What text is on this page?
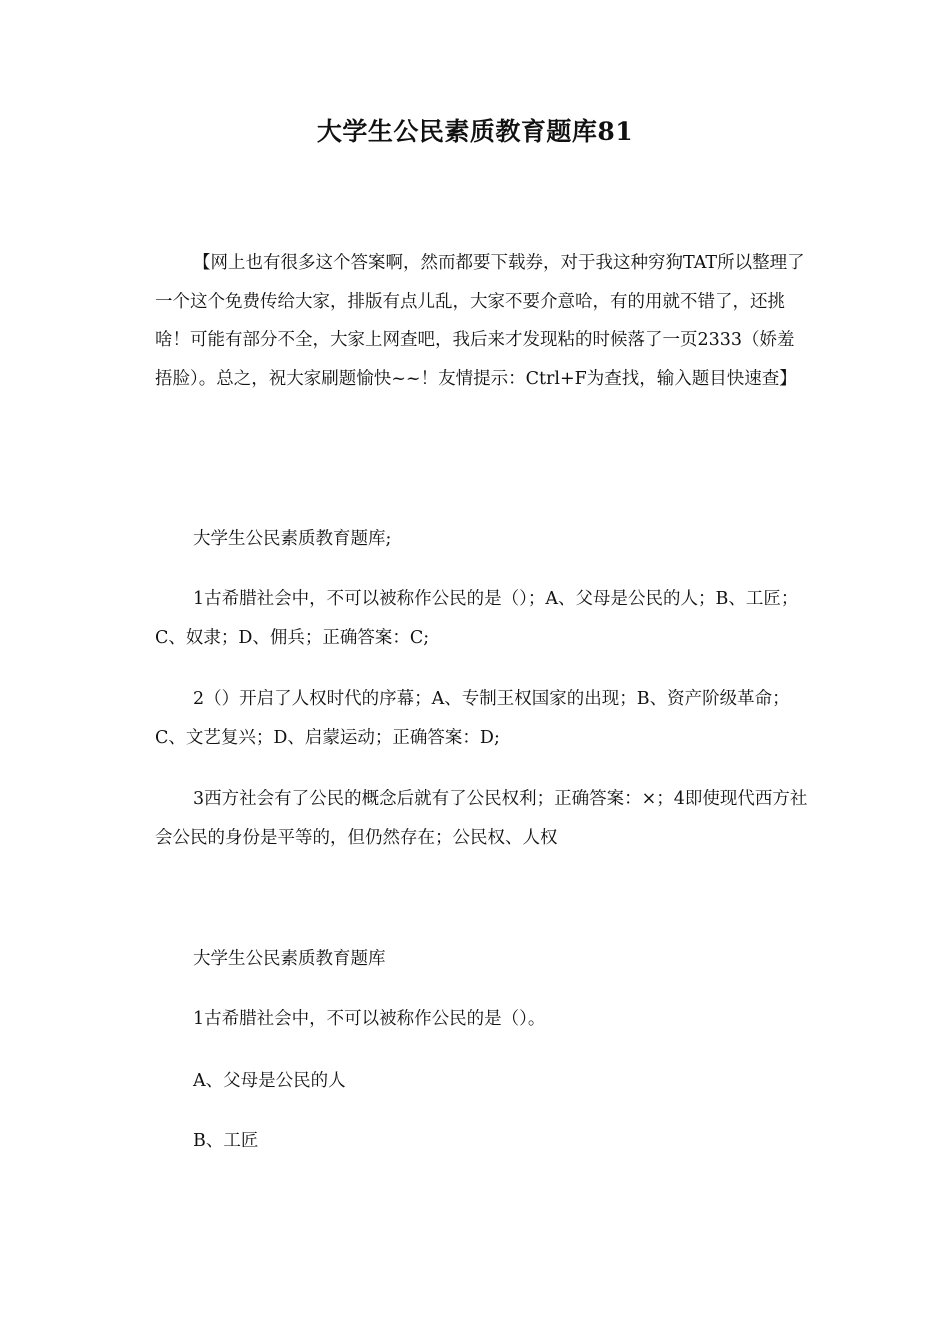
大学生公民素质教育题库81

【网上也有很多这个答案啊，然而都要下载券，对于我这种穷狗TAT所以整理了一个这个免费传给大家，排版有点儿乱，大家不要介意哈，有的用就不错了，还挑啥！可能有部分不全，大家上网查吧，我后来才发现粘的时候落了一页2333（娇羞捂脸）。总之，祝大家刷题愉快~~！友情提示：Ctrl+F为查找，输入题目快速查】

大学生公民素质教育题库;

1古希腊社会中，不可以被称作公民的是（）；A、父母是公民的人；B、工匠；C、奴隶；D、佣兵；正确答案：C;

2（）开启了人权时代的序幕；A、专制王权国家的出现；B、资产阶级革命；C、文艺复兴；D、启蒙运动；正确答案：D;

3西方社会有了公民的概念后就有了公民权利；正确答案：×；4即使现代西方社会公民的身份是平等的，但仍然存在；公民权、人权

大学生公民素质教育题库

1古希腊社会中，不可以被称作公民的是（）。

A、父母是公民的人

B、工匠
